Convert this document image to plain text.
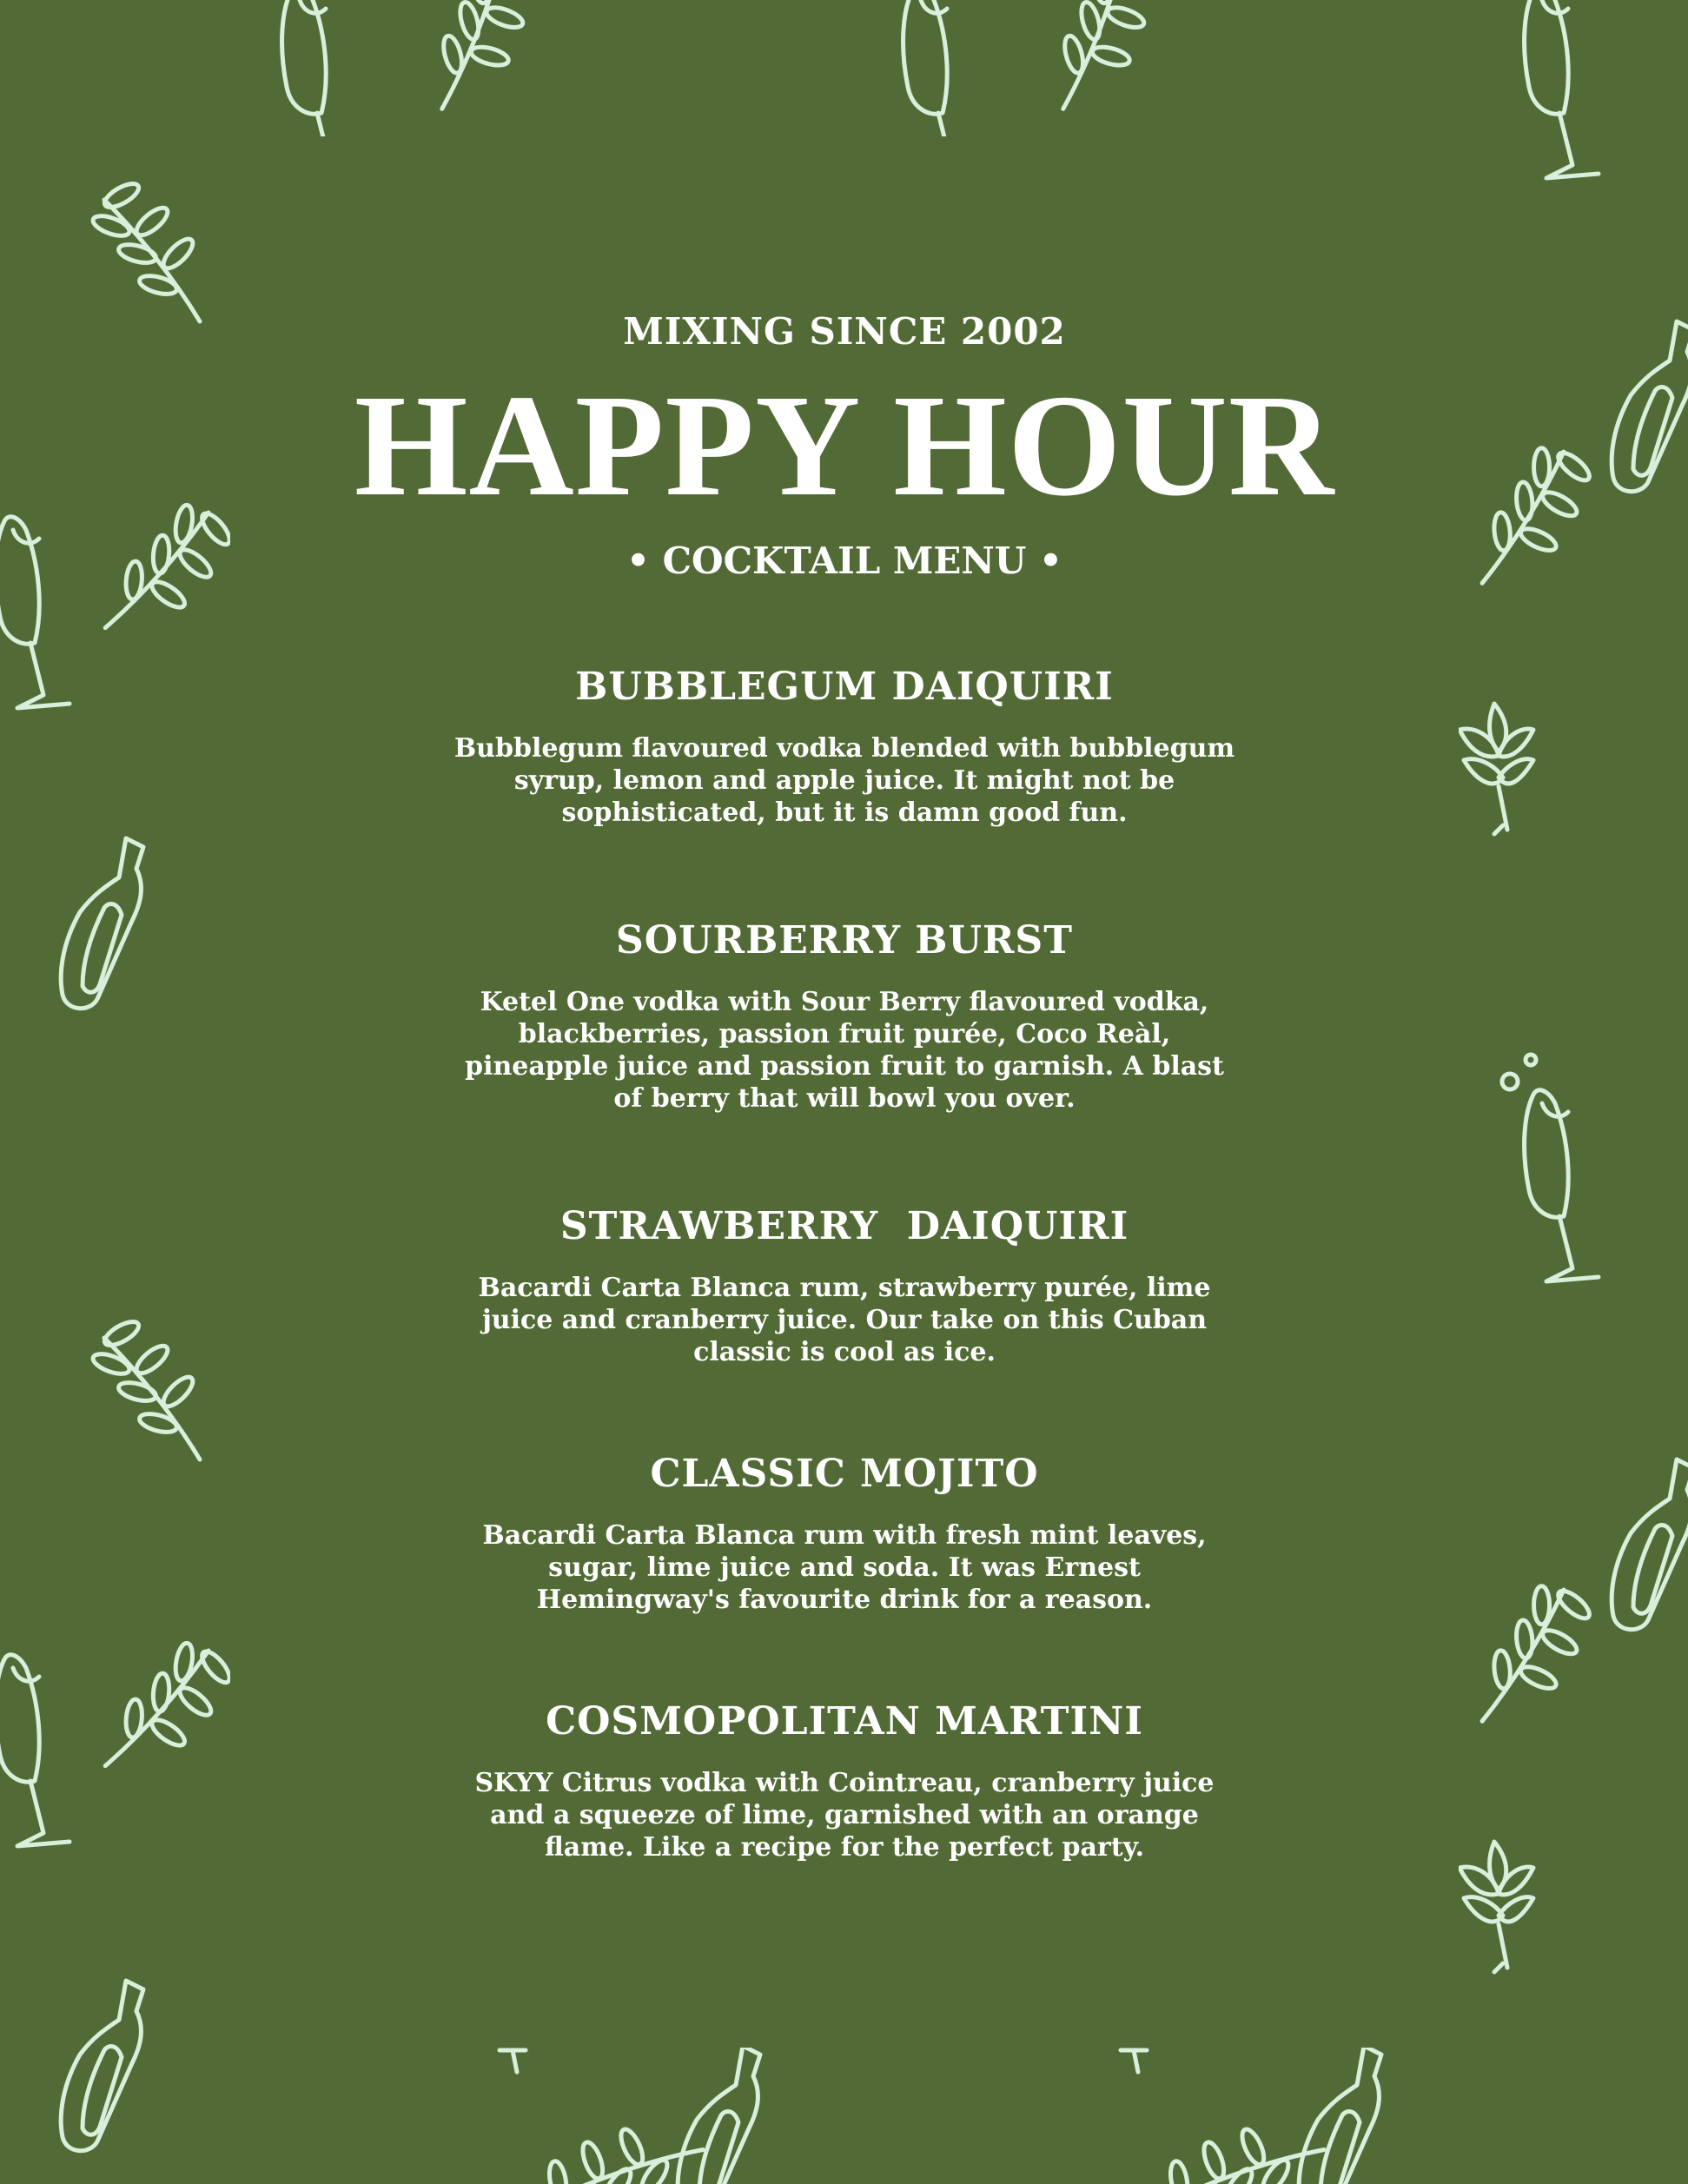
MIXING SINCE 2002
HAPPY HOUR
• COCKTAIL MENU •
BUBBLEGUM DAIQUIRI
Bubblegum flavoured vodka blended with bubblegum syrup, lemon and apple juice. It might not be sophisticated, but it is damn good fun.
SOURBERRY BURST
Ketel One vodka with Sour Berry flavoured vodka, blackberries, passion fruit purée, Coco Reàl, pineapple juice and passion fruit to garnish. A blast of berry that will bowl you over.
STRAWBERRY  DAIQUIRI
Bacardi Carta Blanca rum, strawberry purée, lime juice and cranberry juice. Our take on this Cuban classic is cool as ice.
CLASSIC MOJITO
Bacardi Carta Blanca rum with fresh mint leaves, sugar, lime juice and soda. It was Ernest Hemingway's favourite drink for a reason.
COSMOPOLITAN MARTINI
SKYY Citrus vodka with Cointreau, cranberry juice and a squeeze of lime, garnished with an orange flame. Like a recipe for the perfect party.
